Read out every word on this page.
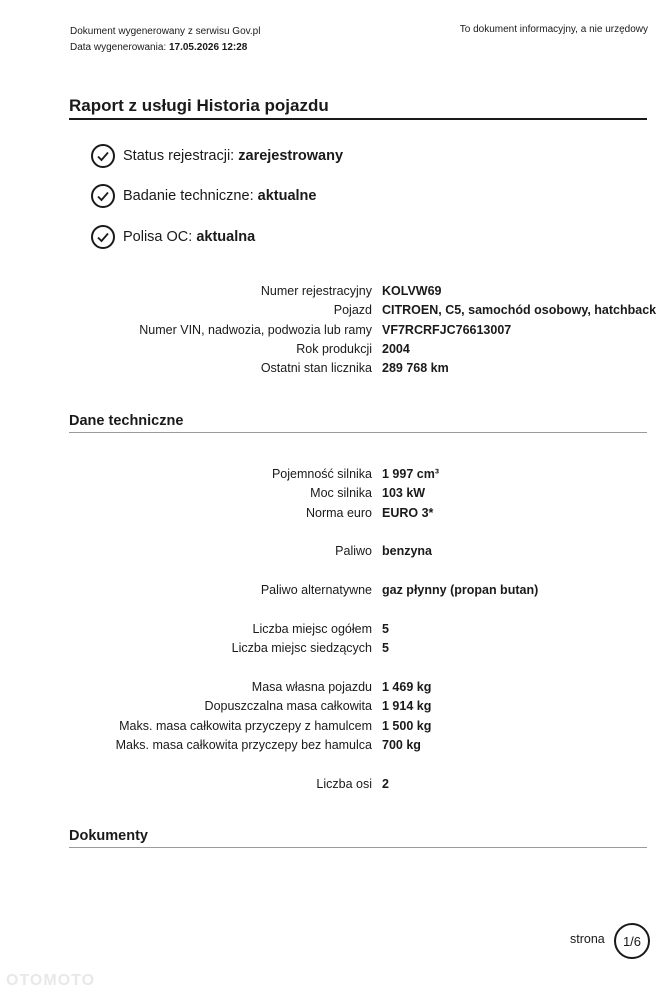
Dokument wygenerowany z serwisu Gov.pl
Data wygenerowania: 17.05.2026 12:28
To dokument informacyjny, a nie urzędowy
Raport z usługi Historia pojazdu
Status rejestracji:
zarejestrowany
Badanie techniczne:
aktualne
Polisa OC:
aktualna
Numer rejestracyjny KOLVW69
Pojazd CITROEN, C5, samochód osobowy, hatchback
Numer VIN, nadwozia, podwozia lub ramy VF7RCRFJC76613007
Rok produkcji 2004
Ostatni stan licznika 289 768 km
Dane techniczne
Pojemność silnika 1 997 cm³
Moc silnika 103 kW
Norma euro EURO 3*
Paliwo benzyna
Paliwo alternatywne gaz płynny (propan butan)
Liczba miejsc ogółem 5
Liczba miejsc siedzących 5
Masa własna pojazdu 1 469 kg
Dopuszczalna masa całkowita 1 914 kg
Maks. masa całkowita przyczepy z hamulcem 1 500 kg
Maks. masa całkowita przyczepy bez hamulca 700 kg
Liczba osi 2
Dokumenty
strona	1/6
OTOMOTO
